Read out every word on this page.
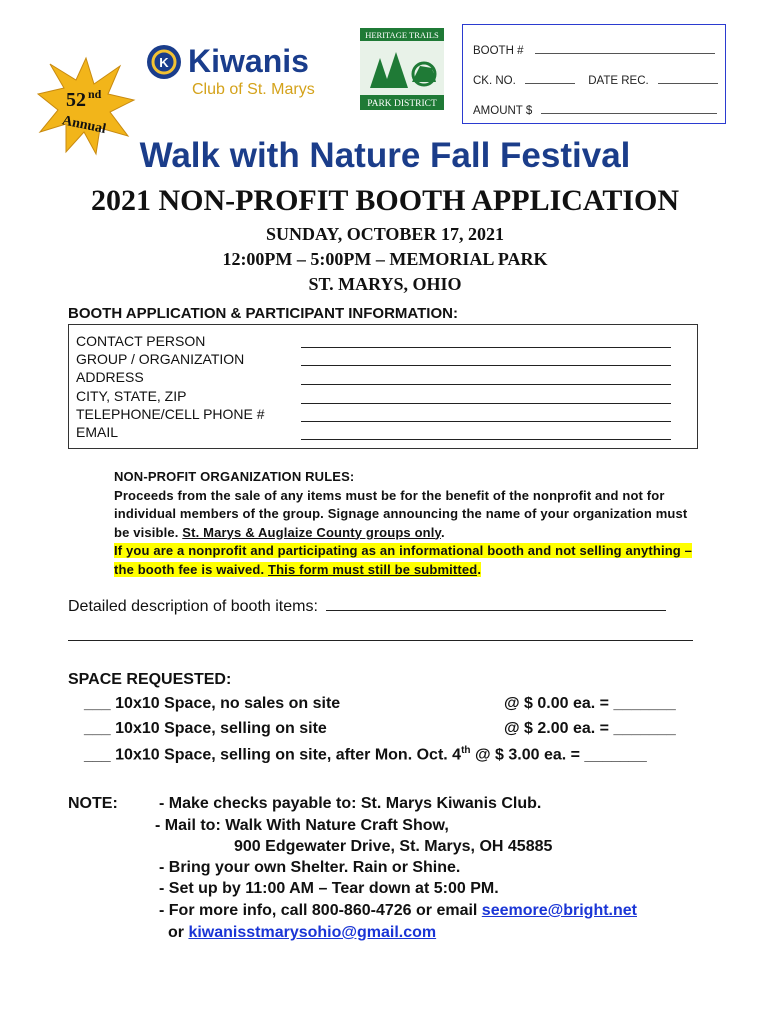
52 nd
Annual
K Kiwanis
Club of St. Marys
HERITAGE TRAILS
PARK DISTRICT
BOOTH #
CK. NO.	DATE REC.
AMOUNT $
Walk with Nature Fall Festival
2021 NON-PROFIT BOOTH APPLICATION
SUNDAY, OCTOBER 17, 2021
12:00PM – 5:00PM – MEMORIAL PARK
ST. MARYS, OHIO
BOOTH APPLICATION & PARTICIPANT INFORMATION:
CONTACT PERSON
GROUP / ORGANIZATION
ADDRESS
CITY, STATE, ZIP
TELEPHONE/CELL PHONE #
EMAIL
NON-PROFIT ORGANIZATION RULES:
Proceeds from the sale of any items must be for the benefit of the nonprofit and not for individual members of the group. Signage announcing the name of your organization must be visible. St. Marys & Auglaize County groups only.
If you are a nonprofit and participating as an informational booth and not selling anything – the booth fee is waived. This form must still be submitted.
Detailed description of booth items:
SPACE REQUESTED:
___ 10x10 Space, no sales on site	@ $ 0.00 ea. = _______
___ 10x10 Space, selling on site	@ $ 2.00 ea. = _______
___ 10x10 Space, selling on site, after Mon. Oct. 4th @ $ 3.00 ea. = _______
NOTE:	- Make checks payable to: St. Marys Kiwanis Club.
- Mail to: Walk With Nature Craft Show,
900 Edgewater Drive, St. Marys, OH 45885
- Bring your own Shelter. Rain or Shine.
- Set up by 11:00 AM – Tear down at 5:00 PM.
- For more info, call 800-860-4726 or email seemore@bright.net
or kiwanisstmarysohio@gmail.com
